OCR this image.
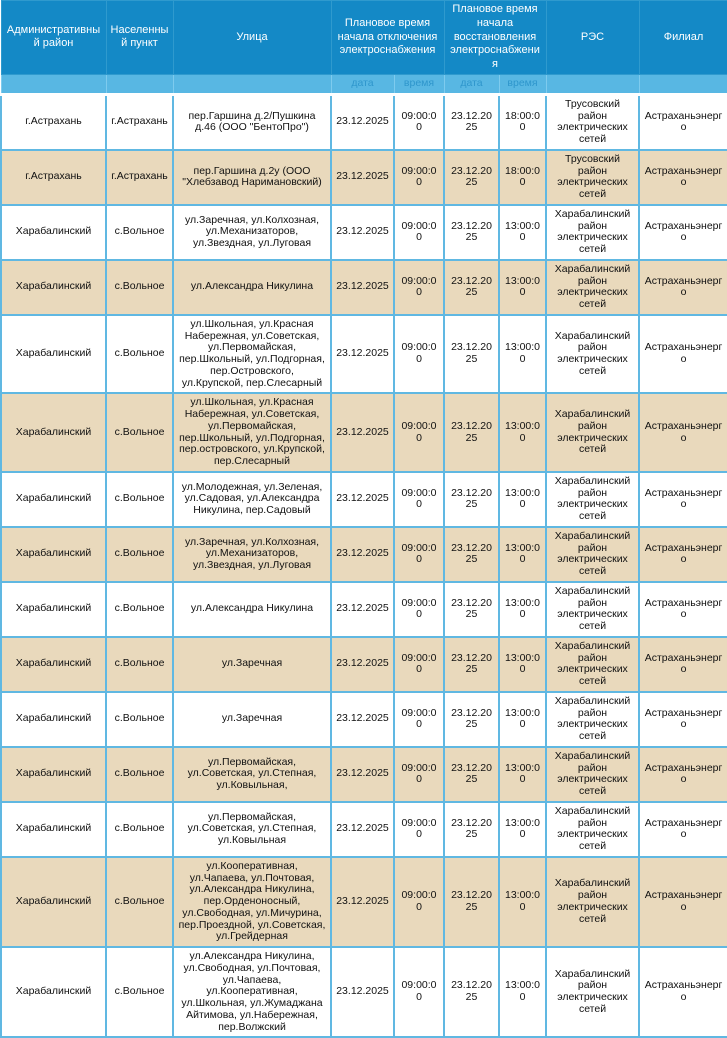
Административный район	Населенный пункт	Улица	Плановое время начала отключения электроснабжения		Плановое время начала восстановления электроснабжения		РЭС	Филиал
			дата	время	дата	время		
г.Астрахань	г.Астрахань	пер.Гаршина д.2/Пушкина д.46 (ООО "БентоПро")	23.12.2025	09:00:00	23.12.2025	18:00:00	Трусовский район электрических сетей	Астраханьэнерго
г.Астрахань	г.Астрахань	пер.Гаршина д.2у (ООО "Хлебзавод Наримановский)	23.12.2025	09:00:00	23.12.2025	18:00:00	Трусовский район электрических сетей	Астраханьэнерго
Харабалинский	с.Вольное	ул.Заречная, ул.Колхозная, ул.Механизаторов, ул.Звездная, ул.Луговая	23.12.2025	09:00:00	23.12.2025	13:00:00	Харабалинский район электрических сетей	Астраханьэнерго
Харабалинский	с.Вольное	ул.Александра Никулина	23.12.2025	09:00:00	23.12.2025	13:00:00	Харабалинский район электрических сетей	Астраханьэнерго
Харабалинский	с.Вольное	ул.Школьная, ул.Красная Набережная, ул.Советская, ул.Первомайская, пер.Школьный, ул.Подгорная, пер.Островского, ул.Крупской, пер.Слесарный	23.12.2025	09:00:00	23.12.2025	13:00:00	Харабалинский район электрических сетей	Астраханьэнерго
Харабалинский	с.Вольное	ул.Школьная, ул.Красная Набережная, ул.Советская, ул.Первомайская, пер.Школьный, ул.Подгорная, пер.островского, ул.Крупской, пер.Слесарный	23.12.2025	09:00:00	23.12.2025	13:00:00	Харабалинский район электрических сетей	Астраханьэнерго
Харабалинский	с.Вольное	ул.Молодежная, ул.Зеленая, ул.Садовая, ул.Александра Никулина, пер.Садовый	23.12.2025	09:00:00	23.12.2025	13:00:00	Харабалинский район электрических сетей	Астраханьэнерго
Харабалинский	с.Вольное	ул.Заречная, ул.Колхозная, ул.Механизаторов, ул.Звездная, ул.Луговая	23.12.2025	09:00:00	23.12.2025	13:00:00	Харабалинский район электрических сетей	Астраханьэнерго
Харабалинский	с.Вольное	ул.Александра Никулина	23.12.2025	09:00:00	23.12.2025	13:00:00	Харабалинский район электрических сетей	Астраханьэнерго
Харабалинский	с.Вольное	ул.Заречная	23.12.2025	09:00:00	23.12.2025	13:00:00	Харабалинский район электрических сетей	Астраханьэнерго
Харабалинский	с.Вольное	ул.Заречная	23.12.2025	09:00:00	23.12.2025	13:00:00	Харабалинский район электрических сетей	Астраханьэнерго
Харабалинский	с.Вольное	ул.Первомайская, ул.Советская, ул.Степная, ул.Ковыльная,	23.12.2025	09:00:00	23.12.2025	13:00:00	Харабалинский район электрических сетей	Астраханьэнерго
Харабалинский	с.Вольное	ул.Первомайская, ул.Советская, ул.Степная, ул.Ковыльная	23.12.2025	09:00:00	23.12.2025	13:00:00	Харабалинский район электрических сетей	Астраханьэнерго
Харабалинский	с.Вольное	ул.Кооперативная, ул.Чапаева, ул.Почтовая, ул.Александра Никулина, пер.Орденоносный, ул.Свободная, ул.Мичурина, пер.Проездной, ул.Советская, ул.Грейдерная	23.12.2025	09:00:00	23.12.2025	13:00:00	Харабалинский район электрических сетей	Астраханьэнерго
Харабалинский	с.Вольное	ул.Александра Никулина, ул.Свободная, ул.Почтовая, ул.Чапаева, ул.Кооперативная, ул.Школьная, ул.Жумаджана Айтимова, ул.Набережная, пер.Волжский	23.12.2025	09:00:00	23.12.2025	13:00:00	Харабалинский район электрических сетей	Астраханьэнерго
